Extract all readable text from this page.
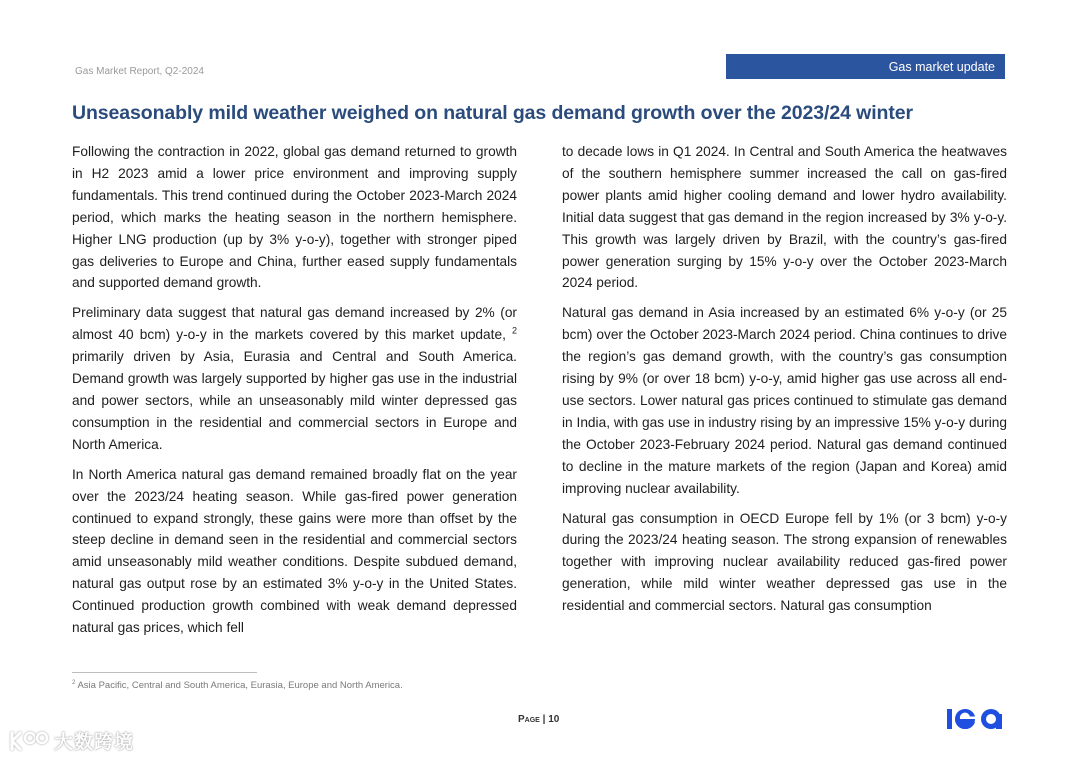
Gas Market Report, Q2-2024	Gas market update
Unseasonably mild weather weighed on natural gas demand growth over the 2023/24 winter

Following the contraction in 2022, global gas demand returned to growth in H2 2023 amid a lower price environment and improving supply fundamentals. This trend continued during the October 2023-March 2024 period, which marks the heating season in the northern hemisphere. Higher LNG production (up by 3% y-o-y), together with stronger piped gas deliveries to Europe and China, further eased supply fundamentals and supported demand growth.

Preliminary data suggest that natural gas demand increased by 2% (or almost 40 bcm) y-o-y in the markets covered by this market update, $^2$ primarily driven by Asia, Eurasia and Central and South America. Demand growth was largely supported by higher gas use in the industrial and power sectors, while an unseasonably mild winter depressed gas consumption in the residential and commercial sectors in Europe and North America.

In North America natural gas demand remained broadly flat on the year over the 2023/24 heating season. While gas-fired power generation continued to expand strongly, these gains were more than offset by the steep decline in demand seen in the residential and commercial sectors amid unseasonably mild weather conditions. Despite subdued demand, natural gas output rose by an estimated 3% y-o-y in the United States. Continued production growth combined with weak demand depressed natural gas prices, which fell

to decade lows in Q1 2024. In Central and South America the heatwaves of the southern hemisphere summer increased the call on gas-fired power plants amid higher cooling demand and lower hydro availability. Initial data suggest that gas demand in the region increased by 3% y-o-y. This growth was largely driven by Brazil, with the country’s gas-fired power generation surging by 15% y-o-y over the October 2023-March 2024 period.

Natural gas demand in Asia increased by an estimated 6% y-o-y (or 25 bcm) over the October 2023-March 2024 period. China continues to drive the region’s gas demand growth, with the country’s gas consumption rising by 9% (or over 18 bcm) y-o-y, amid higher gas use across all end-use sectors. Lower natural gas prices continued to stimulate gas demand in India, with gas use in industry rising by an impressive 15% y-o-y during the October 2023-February 2024 period. Natural gas demand continued to decline in the mature markets of the region (Japan and Korea) amid improving nuclear availability.

Natural gas consumption in OECD Europe fell by 1% (or 3 bcm) y-o-y during the 2023/24 heating season. The strong expansion of renewables together with improving nuclear availability reduced gas-fired power generation, while mild winter weather depressed gas use in the residential and commercial sectors. Natural gas consumption

$^2$ Asia Pacific, Central and South America, Eurasia, Europe and North America.
Page | 10
大数跨境
